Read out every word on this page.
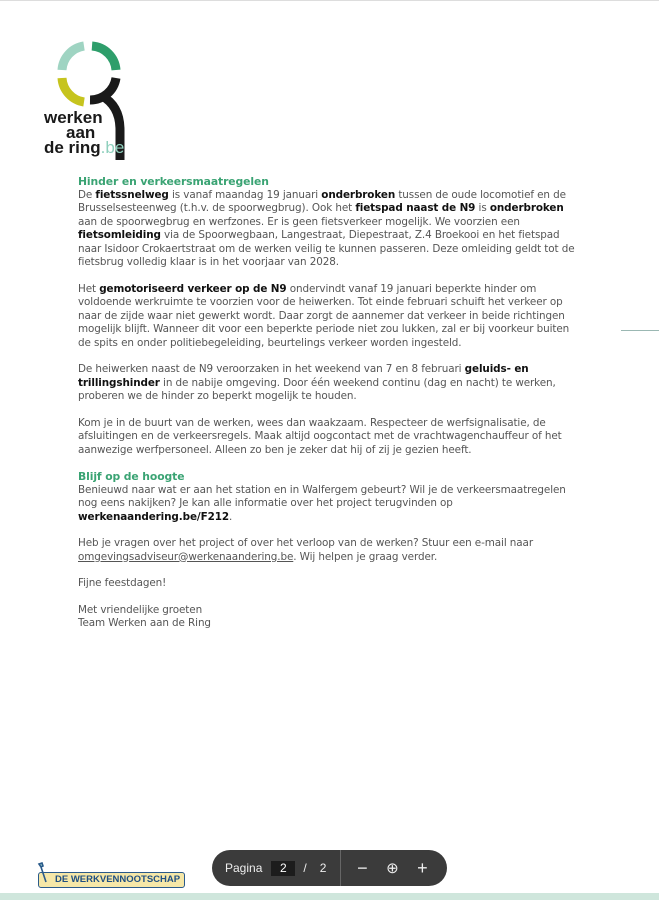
werken
aan
de ring.be
Hinder en verkeersmaatregelen

De fietssnelweg is vanaf maandag 19 januari onderbroken tussen de oude locomotief en de Brusselsesteenweg (t.h.v. de spoorwegbrug). Ook het fietspad naast de N9 is onderbroken aan de spoorwegbrug en werfzones. Er is geen fietsverkeer mogelijk. We voorzien een fietsomleiding via de Spoorwegbaan, Langestraat, Diepestraat, Z.4 Broekooi en het fietspad naar Isidoor Crokaertstraat om de werken veilig te kunnen passeren. Deze omleiding geldt tot de fietsbrug volledig klaar is in het voorjaar van 2028.

Het gemotoriseerd verkeer op de N9 ondervindt vanaf 19 januari beperkte hinder om voldoende werkruimte te voorzien voor de heiwerken. Tot einde februari schuift het verkeer op naar de zijde waar niet gewerkt wordt. Daar zorgt de aannemer dat verkeer in beide richtingen mogelijk blijft. Wanneer dit voor een beperkte periode niet zou lukken, zal er bij voorkeur buiten de spits en onder politiebegeleiding, beurtelings verkeer worden ingesteld.

De heiwerken naast de N9 veroorzaken in het weekend van 7 en 8 februari geluids- en trillingshinder in de nabije omgeving. Door één weekend continu (dag en nacht) te werken, proberen we de hinder zo beperkt mogelijk te houden.

Kom je in de buurt van de werken, wees dan waakzaam. Respecteer de werfsignalisatie, de afsluitingen en de verkeersregels. Maak altijd oogcontact met de vrachtwagenchauffeur of het aanwezige werfpersoneel. Alleen zo ben je zeker dat hij of zij je gezien heeft.

Blijf op de hoogte

Benieuwd naar wat er aan het station en in Walfergem gebeurt? Wil je de verkeersmaatregelen nog eens nakijken? Je kan alle informatie over het project terugvinden op werkenaandering.be/F212.

Heb je vragen over het project of over het verloop van de werken? Stuur een e-mail naar omgevingsadviseur@werkenaandering.be. Wij helpen je graag verder.

Fijne feestdagen!

Met vriendelijke groeten
Team Werken aan de Ring
DE WERKVENNOOTSCHAP
Pagina	2	/ 2	−	⊕	+
